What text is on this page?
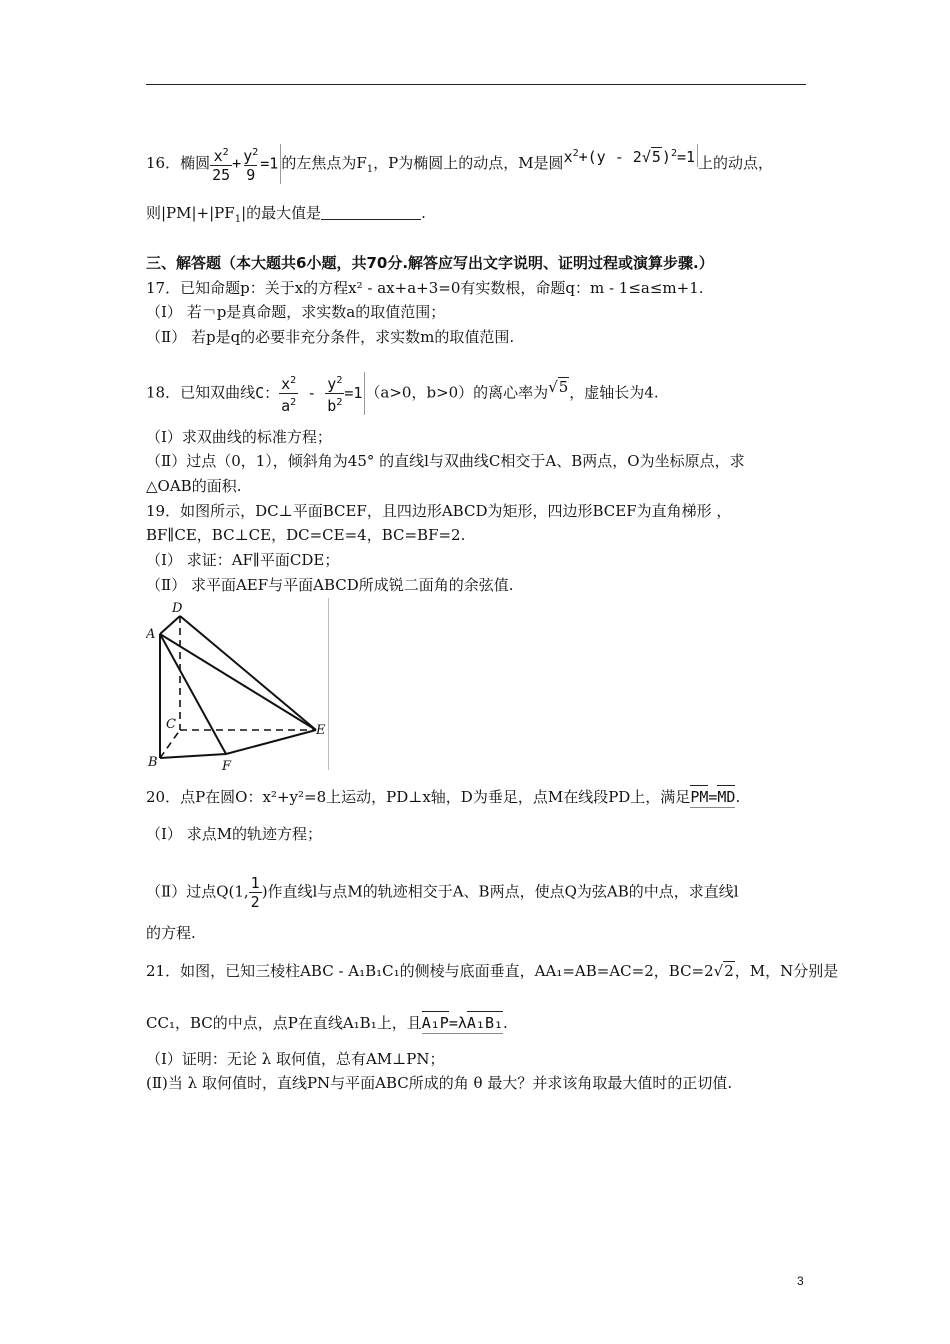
16．椭圆 $\frac{x^2}{25} + \frac{y^2}{9} =1$ 的左焦点为$F_1$，P为椭圆上的动点，M是圆$x^2+(y - 2√5)^2=1$ 上的动点，
则$|PM|+|PF_1|$的最大值是	.
三、解答题（本大题共6小题，共70分.解答应写出文字说明、证明过程或演算步骤.）
17．已知命题p：关于x的方程x² - ax+a+3=0有实数根，命题q：m - 1≤a≤m+1.
（Ⅰ） 若￢p是真命题，求实数a的取值范围；
（Ⅱ） 若p是q的必要非充分条件，求实数m的取值范围.
18．已知双曲线C： $\frac{x^2}{a^2} - \frac{y^2}{b^2} =1$ （a>0，b>0）的离心率为√5，虚轴长为4.
（Ⅰ）求双曲线的标准方程；
（Ⅱ）过点（0，1），倾斜角为45° 的直线l与双曲线C相交于A、B两点，O为坐标原点，求
△OAB的面积.
19．如图所示，DC⊥平面BCEF，且四边形ABCD为矩形，四边形BCEF为直角梯形 ，
BF∥CE，BC⊥CE，DC=CE=4，BC=BF=2.
（Ⅰ） 求证：AF∥平面CDE；
（Ⅱ） 求平面AEF与平面ABCD所成锐二面角的余弦值.
D
A
C
B	F
E
20．点P在圆O：x²+y²=8上运动，PD⊥x轴，D为垂足，点M在线段PD上，满足PM=MD.
（Ⅰ） 求点M的轨迹方程；
（Ⅱ）过点Q(1, $\frac{1}{2}$ )作直线l与点M的轨迹相交于A、B两点，使点Q为弦AB的中点，求直线l
的方程.
21．如图，已知三棱柱ABC - A₁B₁C₁的侧棱与底面垂直，AA₁=AB=AC=2，BC=2√2，M，N分别是
CC₁，BC的中点，点P在直线A₁B₁上，且A₁P=λA₁B₁.
（Ⅰ）证明：无论 λ 取何值，总有AM⊥PN；
(Ⅱ)当 λ 取何值时，直线PN与平面ABC所成的角 θ 最大？并求该角取最大值时的正切值.
3
